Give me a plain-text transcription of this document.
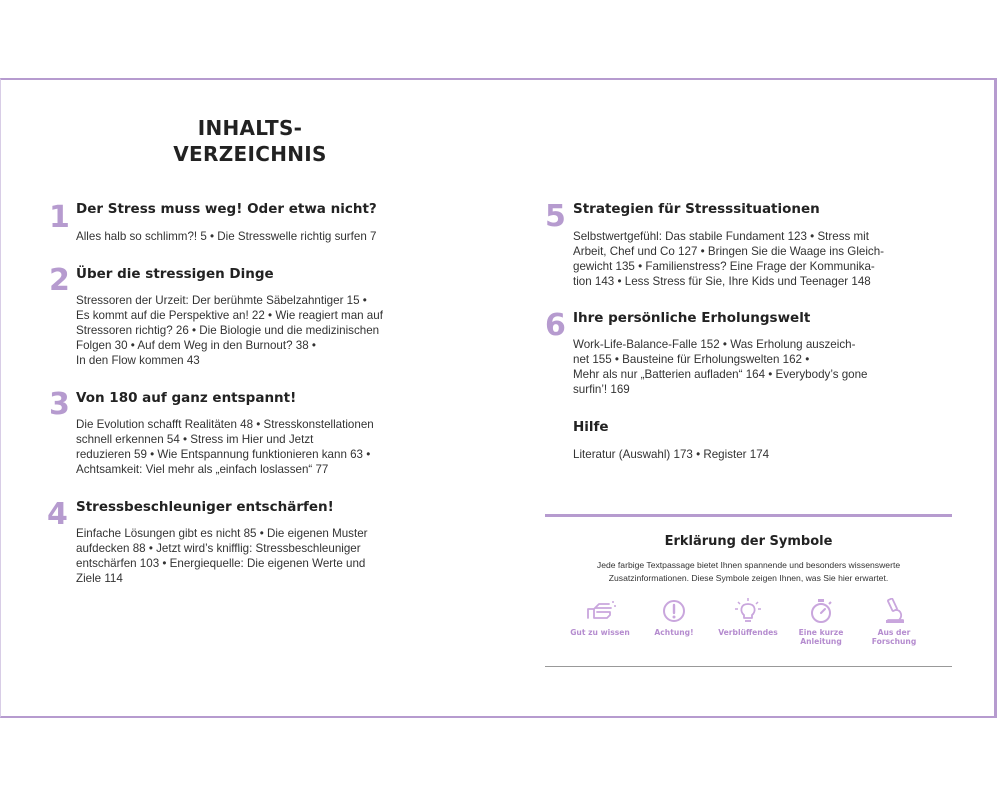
INHALTS-
VERZEICHNIS
1 Der Stress muss weg! Oder etwa nicht?
Alles halb so schlimm?! 5 • Die Stresswelle richtig surfen 7
2 Über die stressigen Dinge
Stressoren der Urzeit: Der berühmte Säbelzahntiger 15 •
Es kommt auf die Perspektive an! 22 • Wie reagiert man auf
Stressoren richtig? 26 • Die Biologie und die medizinischen
Folgen 30 • Auf dem Weg in den Burnout? 38 •
In den Flow kommen 43
3 Von 180 auf ganz entspannt!
Die Evolution schafft Realitäten 48 • Stresskonstellationen
schnell erkennen 54 • Stress im Hier und Jetzt
reduzieren 59 • Wie Entspannung funktionieren kann 63 •
Achtsamkeit: Viel mehr als „einfach loslassen“ 77
4 Stressbeschleuniger entschärfen!
Einfache Lösungen gibt es nicht 85 • Die eigenen Muster
aufdecken 88 • Jetzt wird’s knifflig: Stressbeschleuniger
entschärfen 103 • Energiequelle: Die eigenen Werte und
Ziele 114
5 Strategien für Stresssituationen
Selbstwertgefühl: Das stabile Fundament 123 • Stress mit
Arbeit, Chef und Co 127 • Bringen Sie die Waage ins Gleich-
gewicht 135 • Familienstress? Eine Frage der Kommunika-
tion 143 • Less Stress für Sie, Ihre Kids und Teenager 148
6 Ihre persönliche Erholungswelt
Work-Life-Balance-Falle 152 • Was Erholung auszeich-
net 155 • Bausteine für Erholungswelten 162 •
Mehr als nur „Batterien aufladen“ 164 • Everybody’s gone
surfin’! 169
Hilfe
Literatur (Auswahl) 173 • Register 174
Erklärung der Symbole
Jede farbige Textpassage bietet Ihnen spannende und besonders wissenswerte
Zusatzinformationen. Diese Symbole zeigen Ihnen, was Sie hier erwartet.
Gut zu wissen	Achtung!	Verblüffendes	Eine kurze
Anleitung
Aus der
Forschung
